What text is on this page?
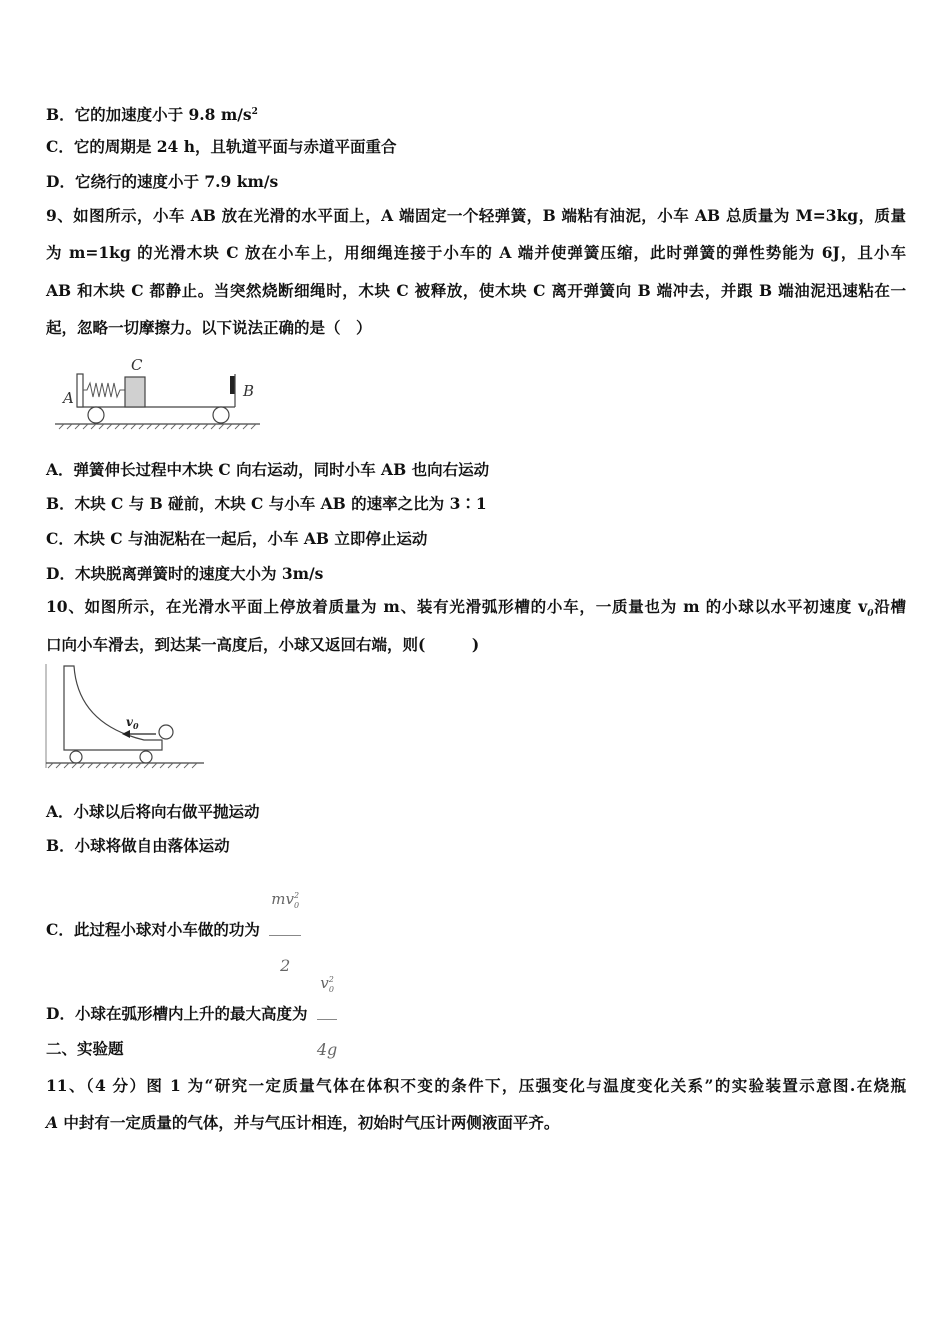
B．它的加速度小于 9.8 $m/s^2$
C．它的周期是 24 h，且轨道平面与赤道平面重合
D．它绕行的速度小于 7.9 km/s
9、如图所示，小车 AB 放在光滑的水平面上，A 端固定一个轻弹簧，B 端粘有油泥，小车 AB 总质量为 M=3kg，质量
为 m=1kg 的光滑木块 C 放在小车上，用细绳连接于小车的 A 端并使弹簧压缩，此时弹簧的弹性势能为 6J，且小车
AB 和木块 C 都静止。当突然烧断细绳时，木块 C 被释放，使木块 C 离开弹簧向 B 端冲去，并跟 B 端油泥迅速粘在一
起，忽略一切摩擦力。以下说法正确的是（　）
A
C
B
A．弹簧伸长过程中木块 C 向右运动，同时小车 AB 也向右运动
B．木块 C 与 B 碰前，木块 C 与小车 AB 的速率之比为 3∶1
C．木块 C 与油泥粘在一起后，小车 AB 立即停止运动
D．木块脱离弹簧时的速度大小为 3m/s
10、如图所示，在光滑水平面上停放着质量为 m、装有光滑弧形槽的小车，一质量也为 m 的小球以水平初速度 $v_0$沿槽
口向小车滑去，到达某一高度后，小球又返回右端，则(　　　)
$v_0$
A．小球以后将向右做平抛运动
B．小球将做自由落体运动
C．此过程小球对小车做的功为 $\frac{mv^2_0}{2}$
D．小球在弧形槽内上升的最大高度为 $\frac{v^2_0}{4g}$
二、实验题
11、（4 分）图 1 为“研究一定质量气体在体积不变的条件下，压强变化与温度变化关系”的实验装置示意图.在烧瓶
A 中封有一定质量的气体，并与气压计相连，初始时气压计两侧液面平齐。
